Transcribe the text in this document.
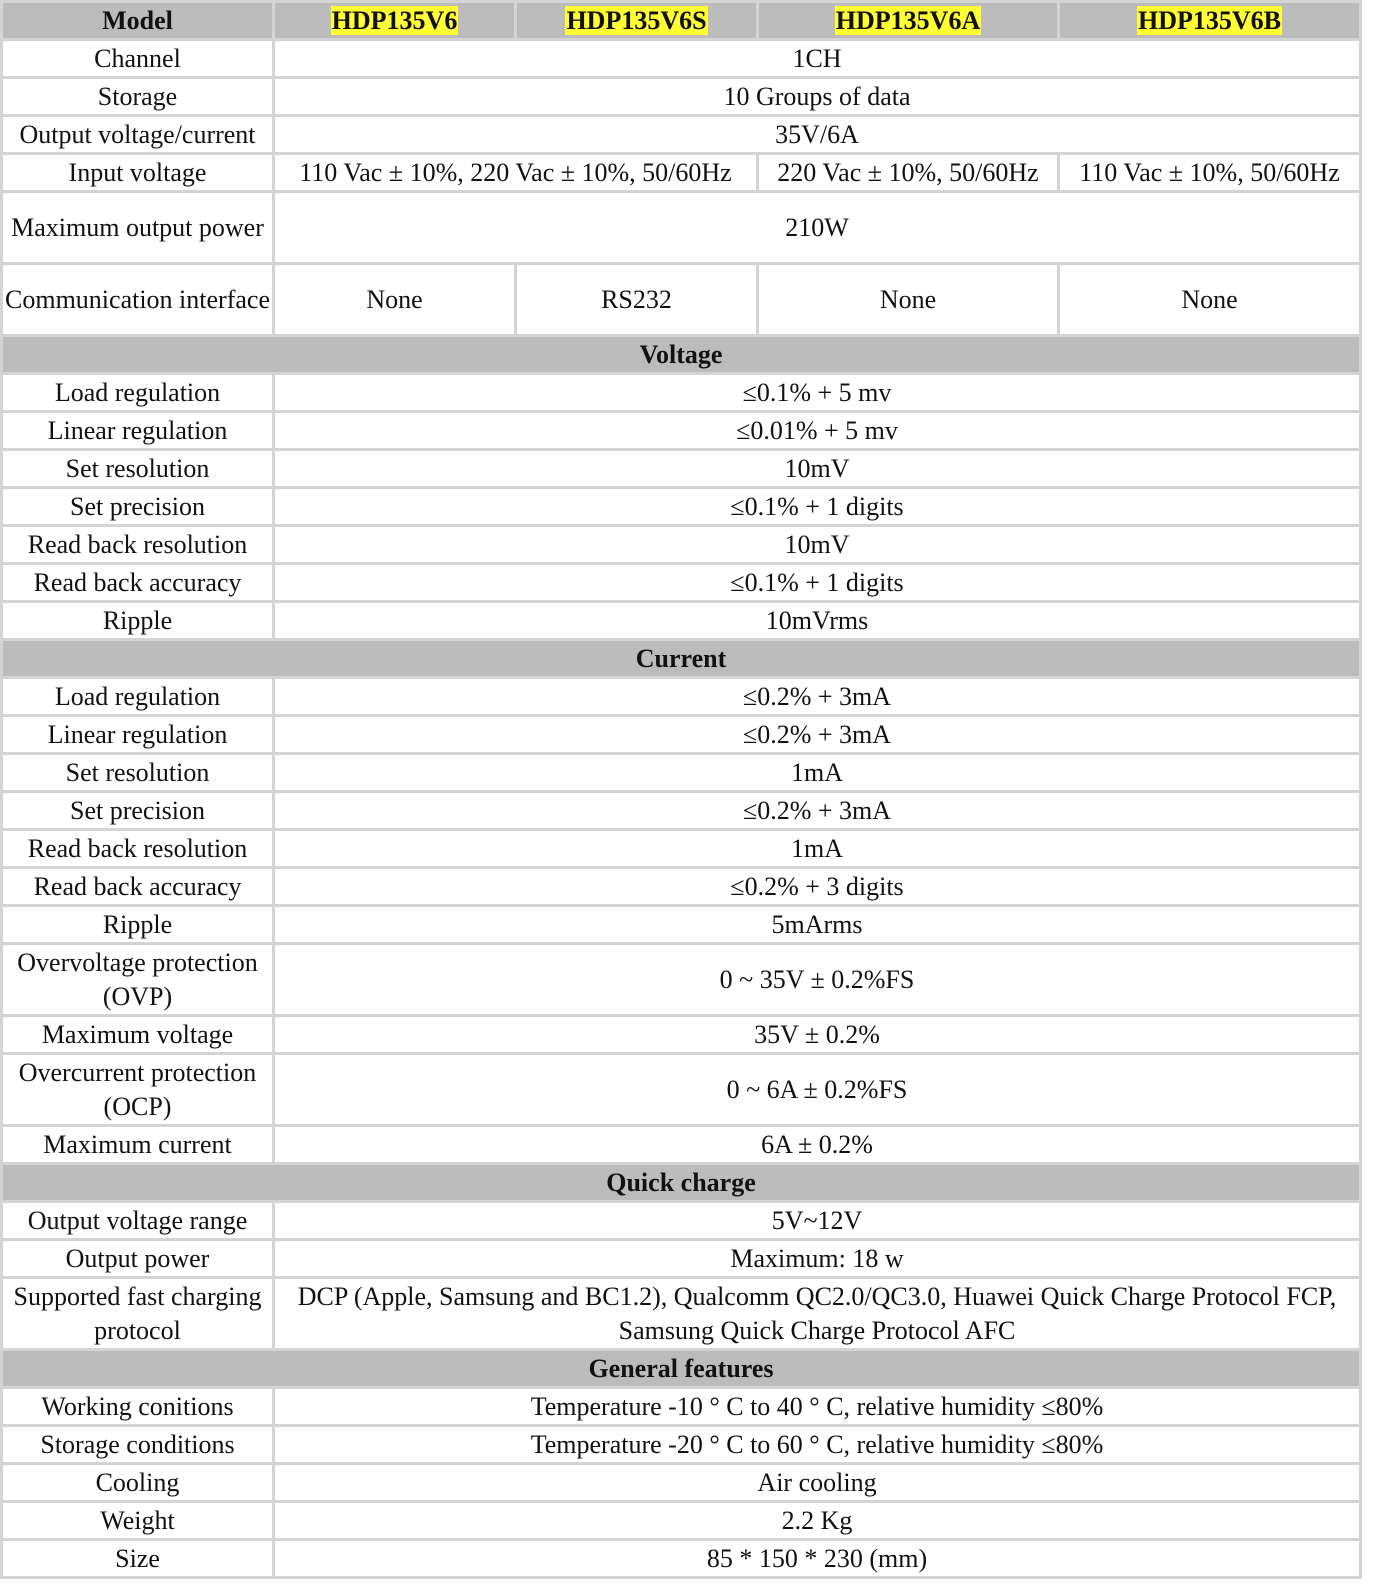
Model	HDP135V6	HDP135V6S	HDP135V6A	HDP135V6B
Channel	1CH			
Storage	10 Groups of data			
Output voltage/current	35V/6A			
Input voltage	110 Vac ± 10%, 220 Vac ± 10%, 50/60Hz		220 Vac ± 10%, 50/60Hz	110 Vac ± 10%, 50/60Hz
Maximum output power	210W			
Communication interface	None	RS232	None	None
Voltage				
Load regulation	≤0.1% + 5 mv			
Linear regulation	≤0.01% + 5 mv			
Set resolution	10mV			
Set precision	≤0.1% + 1 digits			
Read back resolution	10mV			
Read back accuracy	≤0.1% + 1 digits			
Ripple	10mVrms			
Current				
Load regulation	≤0.2% + 3mA			
Linear regulation	≤0.2% + 3mA			
Set resolution	1mA			
Set precision	≤0.2% + 3mA			
Read back resolution	1mA			
Read back accuracy	≤0.2% + 3 digits			
Ripple	5mArms			
Overvoltage protection (OVP)	0 ~ 35V ± 0.2%FS			
Maximum voltage	35V ± 0.2%			
Overcurrent protection (OCP)	0 ~ 6A ± 0.2%FS			
Maximum current	6A ± 0.2%			
Quick charge				
Output voltage range	5V~12V			
Output power	Maximum: 18 w			
Supported fast charging protocol	DCP (Apple, Samsung and BC1.2), Qualcomm QC2.0/QC3.0, Huawei Quick Charge Protocol FCP, Samsung Quick Charge Protocol AFC			
General features				
Working conitions	Temperature -10 ° C to 40 ° C, relative humidity ≤80%			
Storage conditions	Temperature -20 ° C to 60 ° C, relative humidity ≤80%			
Cooling	Air cooling			
Weight	2.2 Kg			
Size	85 * 150 * 230 (mm)			
